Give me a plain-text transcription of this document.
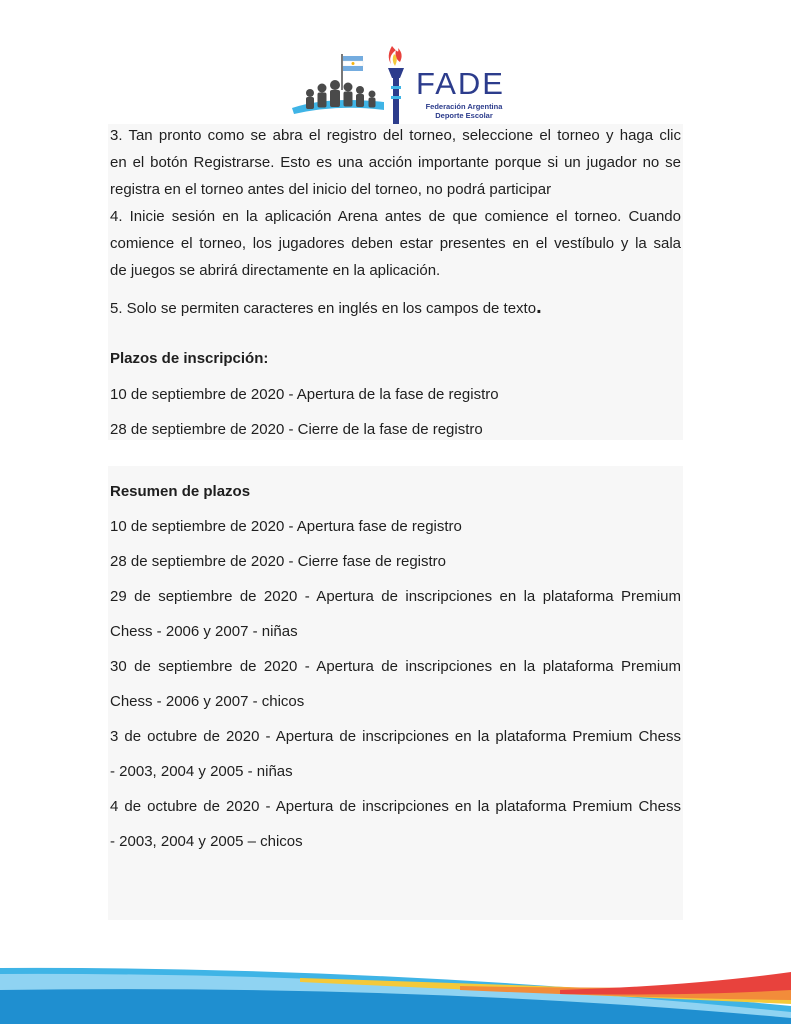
FADE
Federación Argentina
Deporte Escolar
3. Tan pronto como se abra el registro del torneo, seleccione el torneo y haga clic
en el botón Registrarse. Esto es una acción importante porque si un jugador no se
registra en el torneo antes del inicio del torneo, no podrá participar
4. Inicie sesión en la aplicación Arena antes de que comience el torneo. Cuando
comience el torneo, los jugadores deben estar presentes en el vestíbulo y la sala
de juegos se abrirá directamente en la aplicación.
5. Solo se permiten caracteres en inglés en los campos de texto.
Plazos de inscripción:
10 de septiembre de 2020 - Apertura de la fase de registro
28 de septiembre de 2020 - Cierre de la fase de registro
Resumen de plazos
10 de septiembre de 2020 - Apertura fase de registro
28 de septiembre de 2020 - Cierre fase de registro
29 de septiembre de 2020 - Apertura de inscripciones en la plataforma Premium
Chess - 2006 y 2007 - niñas
30 de septiembre de 2020 - Apertura de inscripciones en la plataforma Premium
Chess - 2006 y 2007 - chicos
3 de octubre de 2020 - Apertura de inscripciones en la plataforma Premium Chess
- 2003, 2004 y 2005 - niñas
4 de octubre de 2020 - Apertura de inscripciones en la plataforma Premium Chess
- 2003, 2004 y 2005 – chicos
